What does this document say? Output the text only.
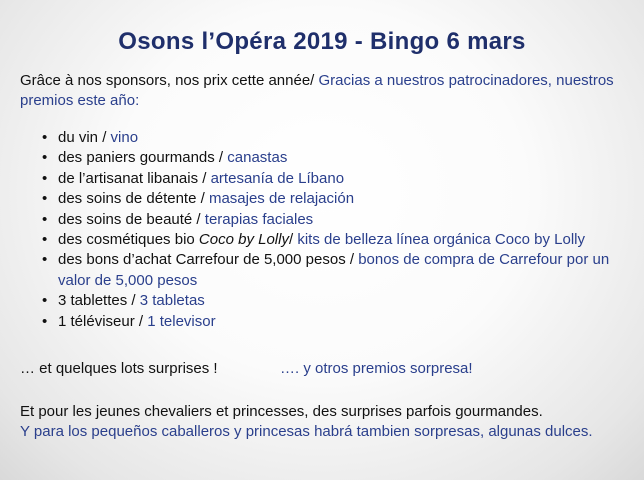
Osons l’Opéra 2019 - Bingo 6 mars
Grâce à nos sponsors, nos prix cette année/ Gracias a nuestros patrocinadores, nuestros premios este año:
• du vin / vino
• des paniers gourmands / canastas
• de l’artisanat libanais / artesanía de Líbano
• des soins de détente / masajes de relajación
• des soins de beauté / terapias faciales
• des cosmétiques bio Coco by Lolly/ kits de belleza línea orgánica Coco by Lolly
• des bons d’achat Carrefour de 5,000 pesos / bonos de compra de Carrefour por un valor de 5,000 pesos
• 3 tablettes / 3 tabletas
• 1 téléviseur / 1 televisor
… et quelques lots surprises !	…. y otros premios sorpresa!
Et pour les jeunes chevaliers et princesses, des surprises parfois gourmandes.
Y para los pequeños caballeros y princesas habrá tambien sorpresas, algunas dulces.
